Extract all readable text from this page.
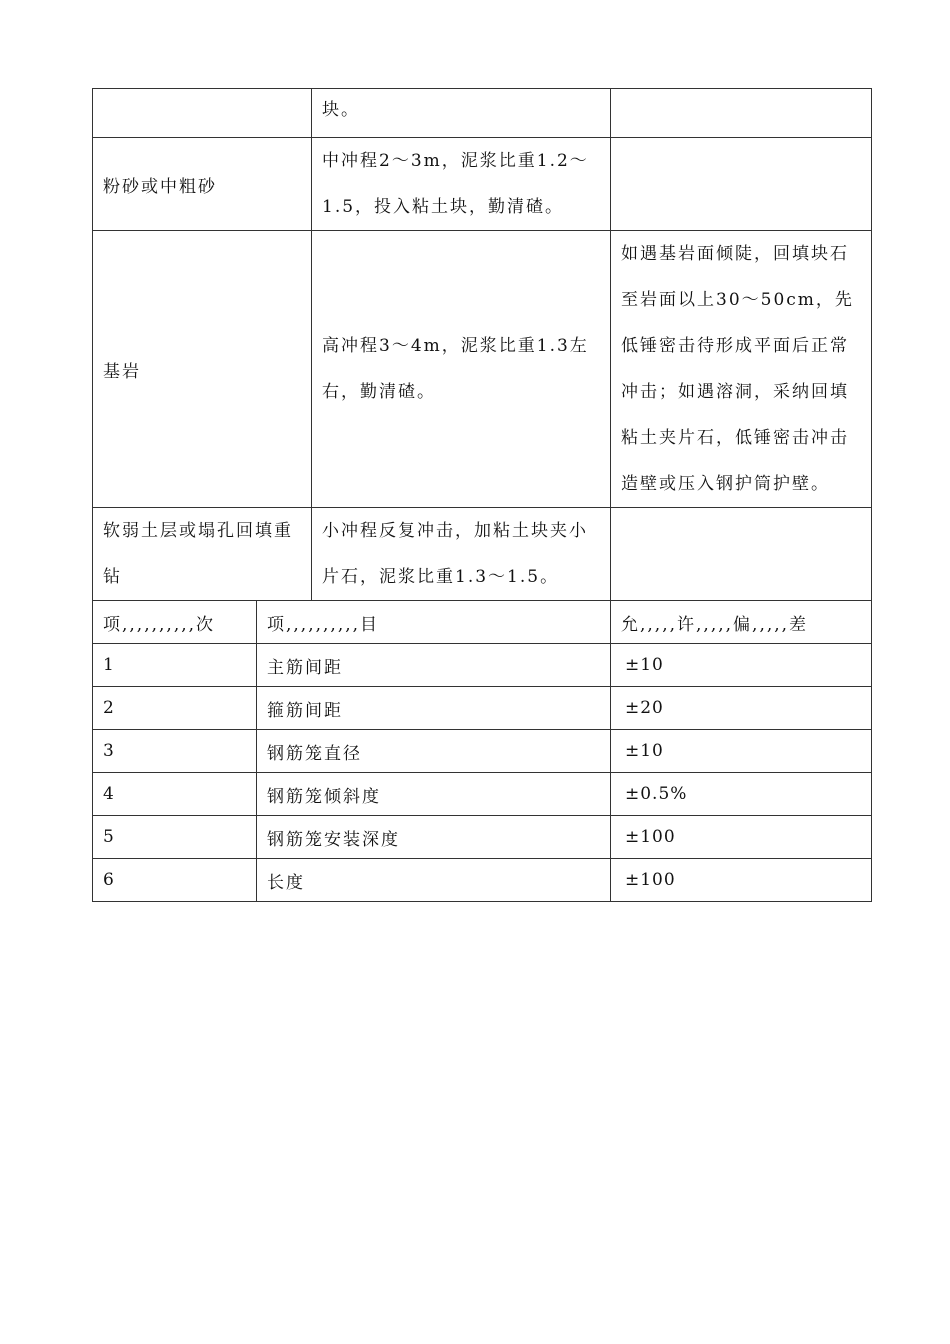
		块。	
粉砂或中粗砂		中冲程2～3m，泥浆比重1.2～1.5，投入粘土块，勤清碴。	
基岩		高冲程3～4m，泥浆比重1.3左右，勤清碴。	如遇基岩面倾陡，回填块石至岩面以上30～50cm，先低锤密击待形成平面后正常冲击；如遇溶洞，采纳回填粘土夹片石，低锤密击冲击造壁或压入钢护筒护壁。
软弱土层或塌孔回填重钻		小冲程反复冲击，加粘土块夹小片石，泥浆比重1.3～1.5。	
项,,,,,,,,,,次	项,,,,,,,,,,目		允,,,,,许,,,,,偏,,,,,差
1	主筋间距		±10
2	箍筋间距		±20
3	钢筋笼直径		±10
4	钢筋笼倾斜度		±0.5%
5	钢筋笼安装深度		±100
6	长度		±100
